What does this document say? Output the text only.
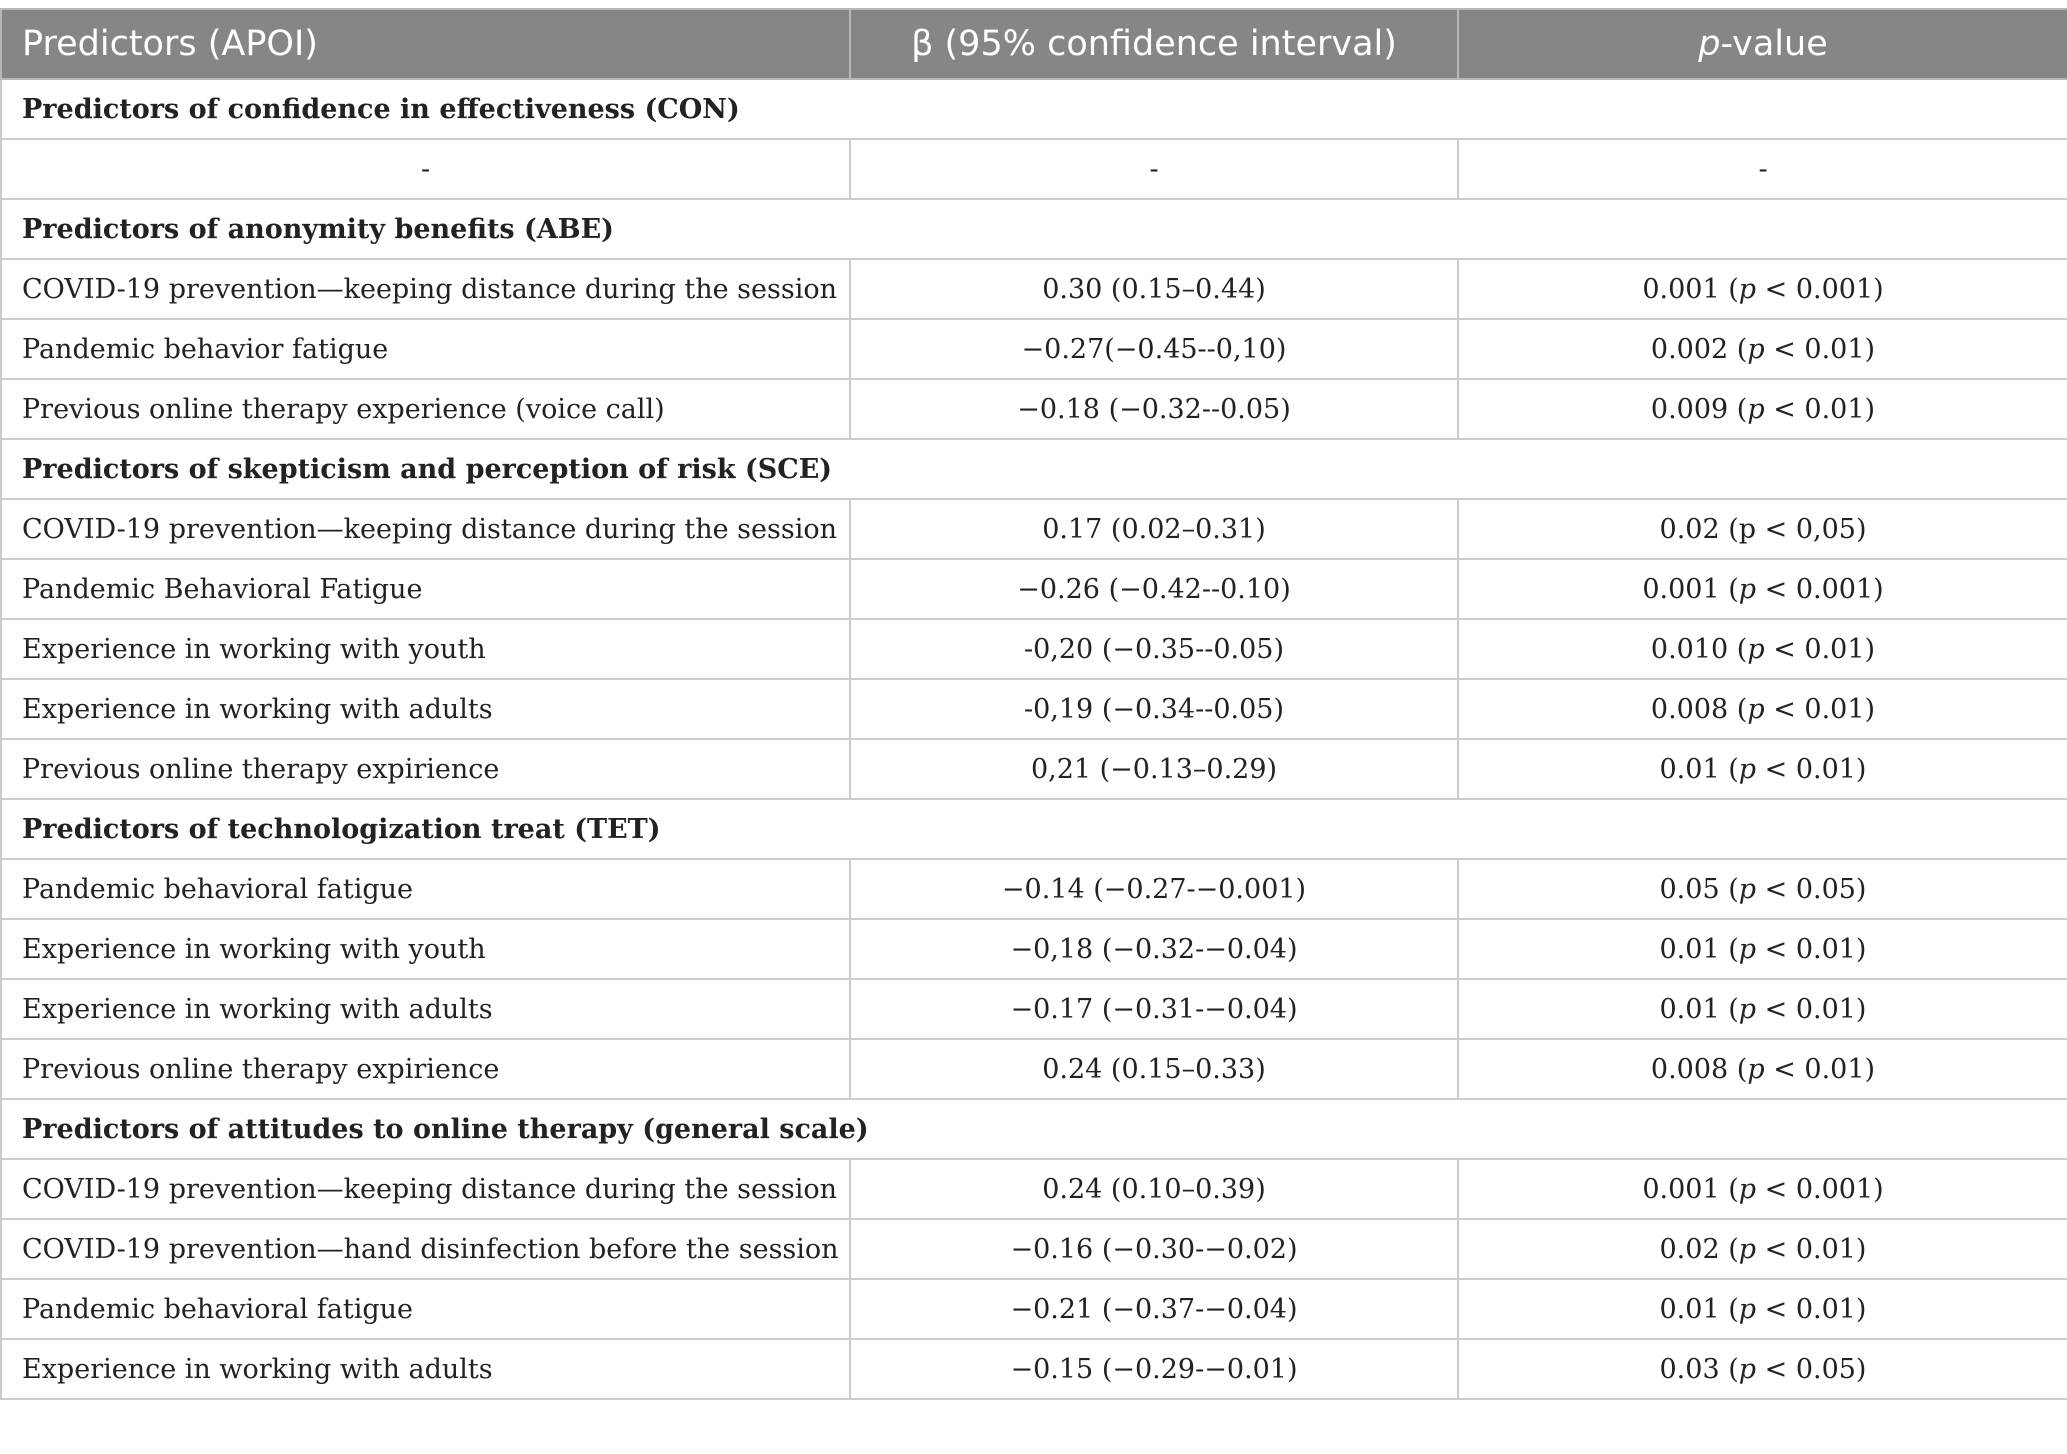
Predictors (APOI)	β (95% confidence interval)	p-value
Predictors of confidence in effectiveness (CON)		
-	-	-
Predictors of anonymity benefits (ABE)		
COVID-19 prevention—keeping distance during the session	0.30 (0.15–0.44)	0.001 (p < 0.001)
Pandemic behavior fatigue	−0.27(−0.45--0,10)	0.002 (p < 0.01)
Previous online therapy experience (voice call)	−0.18 (−0.32--0.05)	0.009 (p < 0.01)
Predictors of skepticism and perception of risk (SCE)		
COVID-19 prevention—keeping distance during the session	0.17 (0.02–0.31)	0.02 (p < 0,05)
Pandemic Behavioral Fatigue	−0.26 (−0.42--0.10)	0.001 (p < 0.001)
Experience in working with youth	-0,20 (−0.35--0.05)	0.010 (p < 0.01)
Experience in working with adults	-0,19 (−0.34--0.05)	0.008 (p < 0.01)
Previous online therapy expirience	0,21 (−0.13–0.29)	0.01 (p < 0.01)
Predictors of technologization treat (TET)		
Pandemic behavioral fatigue	−0.14 (−0.27-−0.001)	0.05 (p < 0.05)
Experience in working with youth	−0,18 (−0.32-−0.04)	0.01 (p < 0.01)
Experience in working with adults	−0.17 (−0.31-−0.04)	0.01 (p < 0.01)
Previous online therapy expirience	0.24 (0.15–0.33)	0.008 (p < 0.01)
Predictors of attitudes to online therapy (general scale)		
COVID-19 prevention—keeping distance during the session	0.24 (0.10–0.39)	0.001 (p < 0.001)
COVID-19 prevention—hand disinfection before the session	−0.16 (−0.30-−0.02)	0.02 (p < 0.01)
Pandemic behavioral fatigue	−0.21 (−0.37-−0.04)	0.01 (p < 0.01)
Experience in working with adults	−0.15 (−0.29-−0.01)	0.03 (p < 0.05)
